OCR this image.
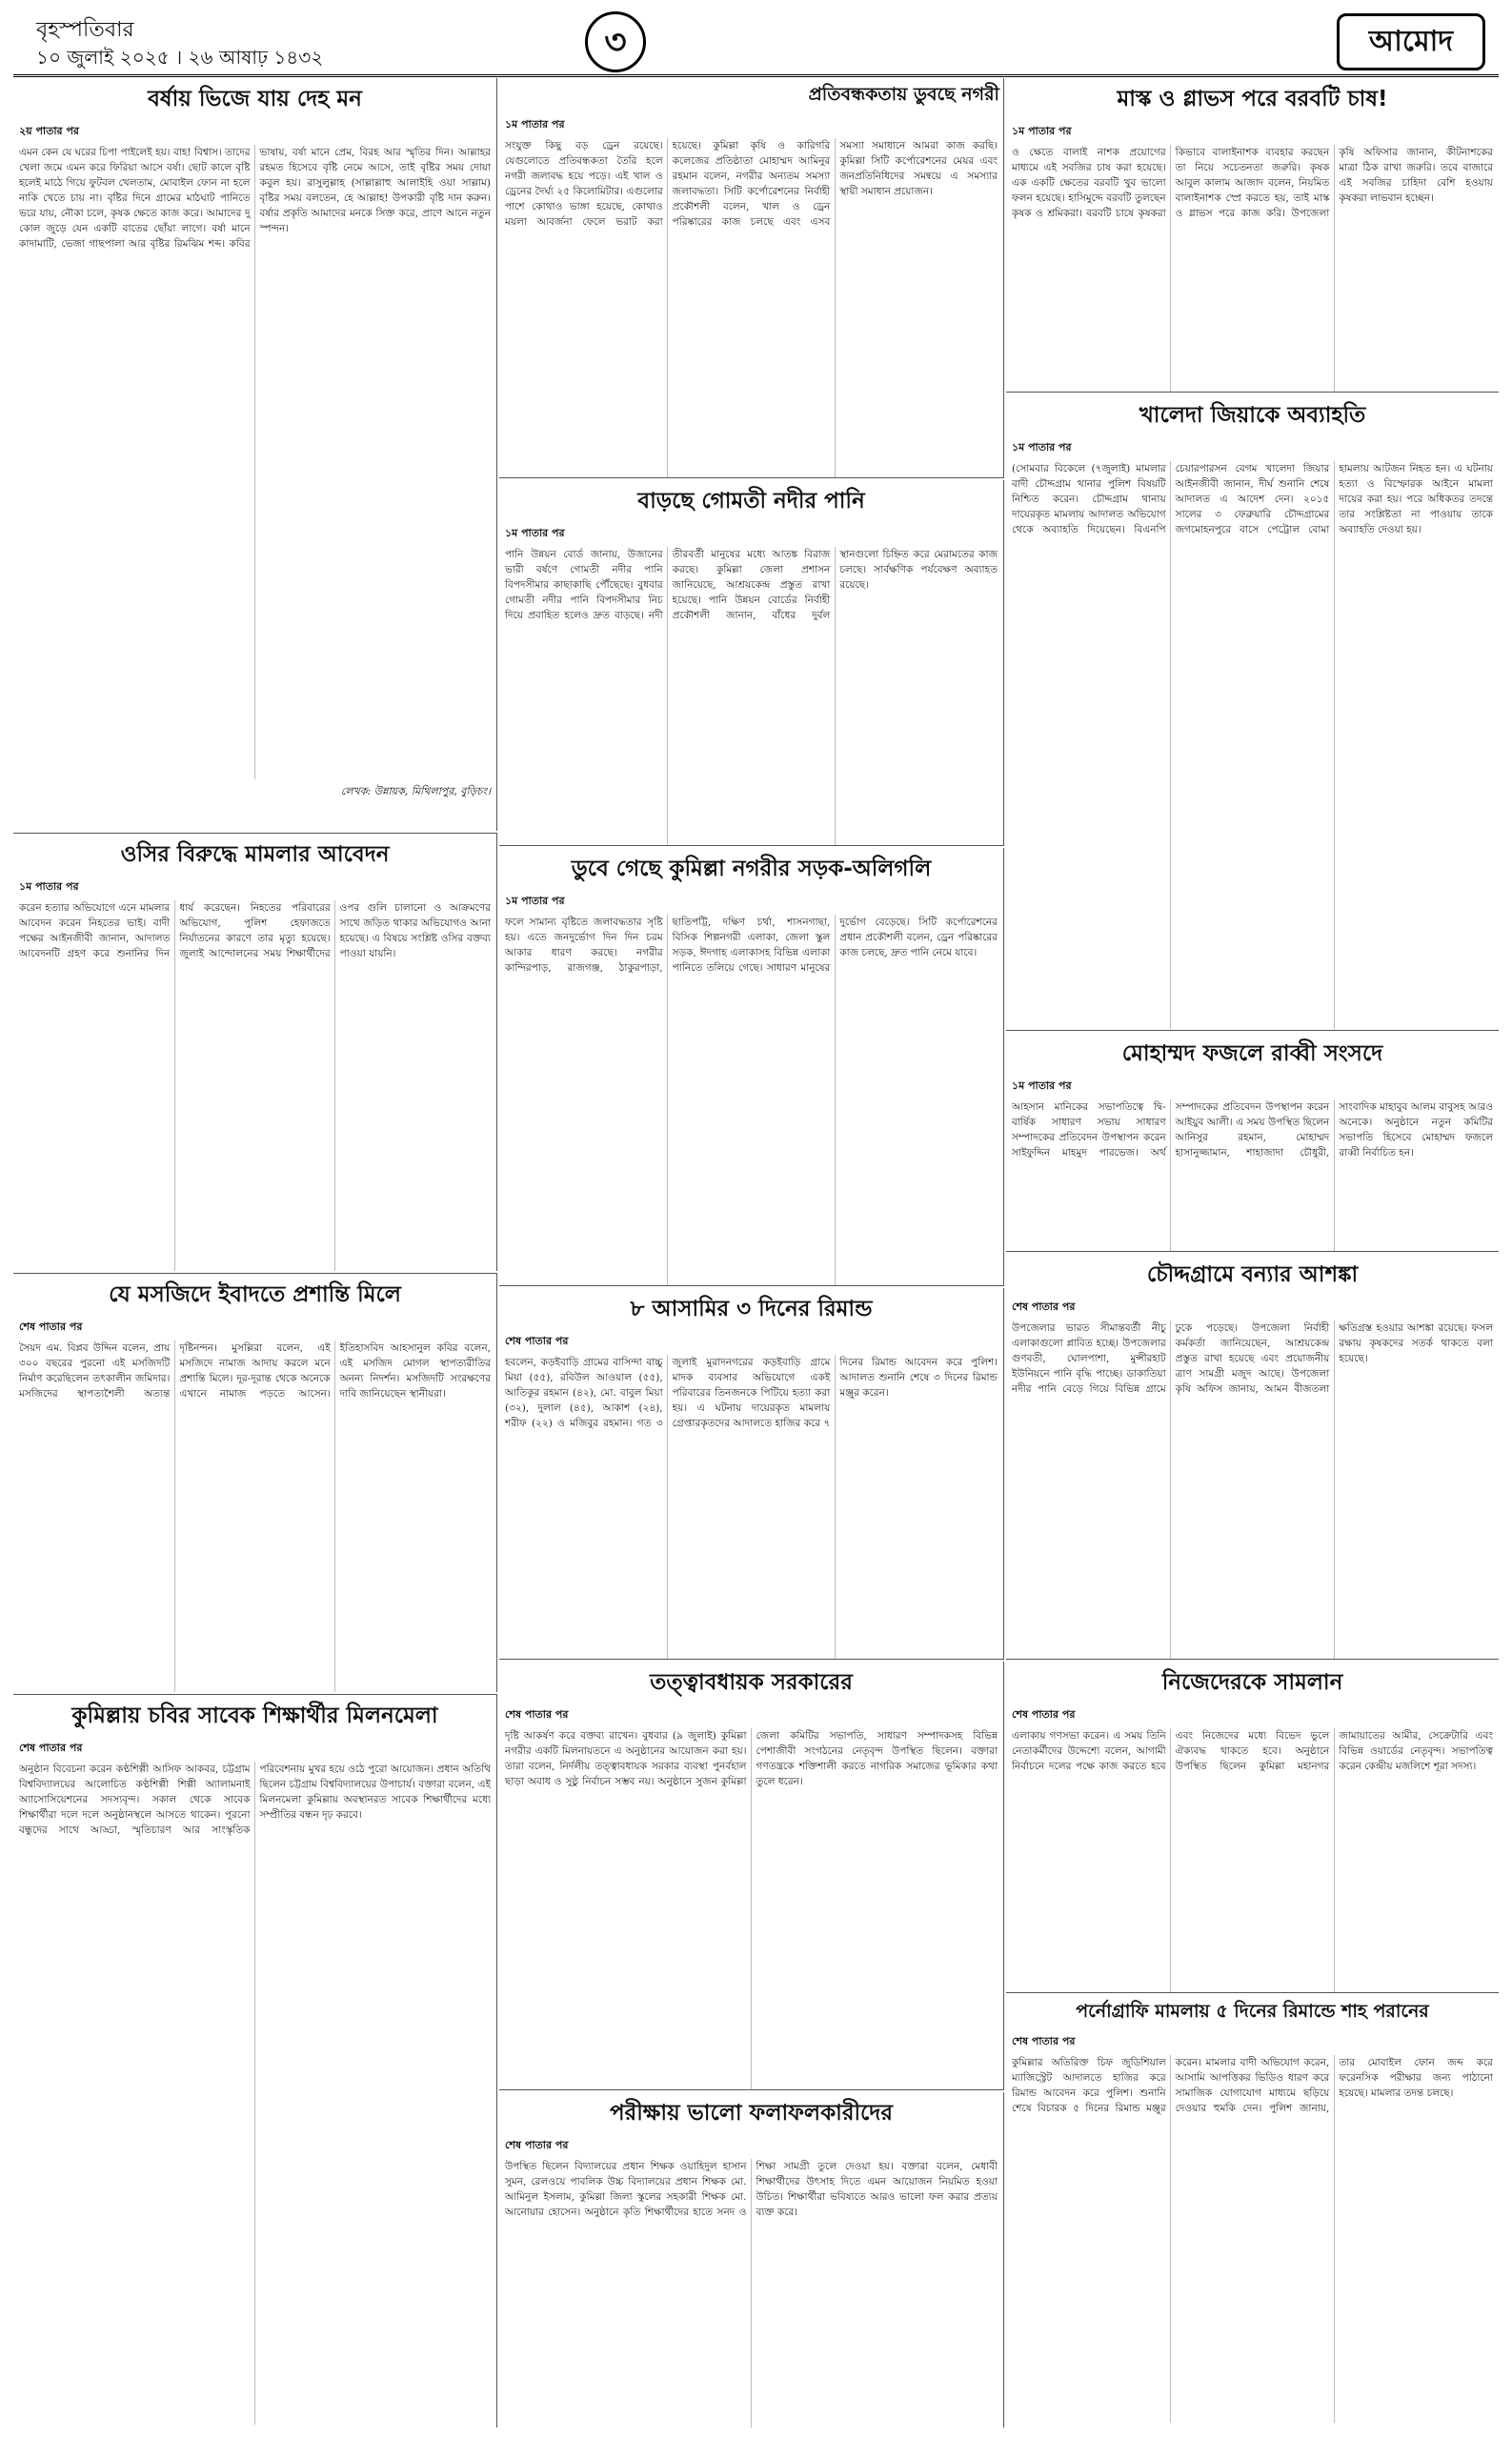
বৃহস্পতিবার
১০ জুলাই ২০২৫ । ২৬ আষাঢ় ১৪৩২	৩	আমোদ
বর্ষায় ভিজে যায় দেহ মন
২য় পাতার পর
এমন কেন যে ঘরের চিপা পাইলেই হয়। বাহ! বিশ্বাস। তাদের খেলা জমে এমন করে ফিরিয়া আসে বর্ষা। ছোট কালে বৃষ্টি হলেই মাঠে গিয়ে ফুটবল খেলতাম, মোবাইল ফোন না হলে নাকি খেতে চায় না। বৃষ্টির দিনে গ্রামের মাঠঘাট পানিতে ভরে যায়, নৌকা চলে, কৃষক ক্ষেতে কাজ করে। আমাদের দু কোল জুড়ে যেন একটি বাতের ছোঁয়া লাগে। বর্ষা মানে কাদামাটি, ভেজা গাছপালা আর বৃষ্টির রিমঝিম শব্দ। কবির ভাষায়, বর্ষা মানে প্রেম, বিরহ আর স্মৃতির দিন। আল্লাহর রহমত হিসেবে বৃষ্টি নেমে আসে, তাই বৃষ্টির সময় দোয়া কবুল হয়। রাসুলুল্লাহ (সাল্লাল্লাহু আলাইহি ওয়া সাল্লাম) বৃষ্টির সময় বলতেন, হে আল্লাহ! উপকারী বৃষ্টি দান করুন। বর্ষার প্রকৃতি আমাদের মনকে সিক্ত করে, প্রাণে আনে নতুন স্পন্দন।
লেখক: উন্নায়ক, মিথিলাপুর, বুড়িচং।
প্রতিবন্ধকতায় ডুবছে নগরী
১ম পাতার পর
সংযুক্ত কিছু বড় ড্রেন রয়েছে। যেগুলোতে প্রতিবন্ধকতা তৈরি হলে নগরী জলাবদ্ধ হয়ে পড়ে। এই খাল ও ড্রেনের দৈর্ঘ্য ২৫ কিলোমিটার। এগুলোর পাশে কোথাও ভাঙ্গা হয়েছে, কোথাও ময়লা আবর্জনা ফেলে ভরাট করা হয়েছে। কুমিল্লা কৃষি ও কারিগরি কলেজের প্রতিষ্ঠাতা মোহাম্মদ আমিনুর রহমান বলেন, নগরীর অন্যতম সমস্যা জলাবদ্ধতা। সিটি কর্পোরেশনের নির্বাহী প্রকৌশলী বলেন, খাল ও ড্রেন পরিষ্কারের কাজ চলছে এবং এসব সমস্যা সমাধানে আমরা কাজ করছি। কুমিল্লা সিটি কর্পোরেশনের মেয়র এবং জনপ্রতিনিধিদের সমন্বয়ে এ সমস্যার স্থায়ী সমাধান প্রয়োজন।
মাস্ক ও গ্লাভস পরে বরবটি চাষ!
১ম পাতার পর
ও ক্ষেতে বালাই নাশক প্রয়োগের মাধ্যমে এই সবজির চাষ করা হয়েছে। এক একটি ক্ষেতের বরবটি খুব ভালো ফলন হয়েছে। হাসিমুদ্দে বরবটি তুলছেন কৃষক ও শ্রমিকরা। বরবটি চাষে কৃষকরা কিভাবে বালাইনাশক ব্যবহার করছেন তা নিয়ে সচেতনতা জরুরি। কৃষক আবুল কালাম আজাদ বলেন, নিয়মিত বালাইনাশক স্প্রে করতে হয়, তাই মাস্ক ও গ্লাভস পরে কাজ করি। উপজেলা কৃষি অফিসার জানান, কীটনাশকের মাত্রা ঠিক রাখা জরুরি। তবে বাজারে এই সবজির চাহিদা বেশি হওয়ায় কৃষকরা লাভবান হচ্ছেন।
খালেদা জিয়াকে অব্যাহতি
১ম পাতার পর
(সোমবার বিকেলে (৭জুলাই) মামলার বাদী চৌদ্দগ্রাম থানার পুলিশ বিষয়টি নিশ্চিত করেন। চৌদ্দগ্রাম থানায় দায়েরকৃত মামলায় আদালত অভিযোগ থেকে অব্যাহতি দিয়েছেন। বিএনপি চেয়ারপারসন বেগম খালেদা জিয়ার আইনজীবী জানান, দীর্ঘ শুনানি শেষে আদালত এ আদেশ দেন। ২০১৫ সালের ৩ ফেব্রুয়ারি চৌদ্দগ্রামের জগমোহনপুরে বাসে পেট্রোল বোমা হামলায় আটজন নিহত হন। এ ঘটনায় হত্যা ও বিস্ফোরক আইনে মামলা দায়ের করা হয়। পরে অধিকতর তদন্তে তার সংশ্লিষ্টতা না পাওয়ায় তাকে অব্যাহতি দেওয়া হয়।
বাড়ছে গোমতী নদীর পানি
১ম পাতার পর
পানি উন্নয়ন বোর্ড জানায়, উজানের ভারী বর্ষণে গোমতী নদীর পানি বিপদসীমার কাছাকাছি পৌঁছেছে। বুধবার গোমতী নদীর পানি বিপদসীমার নিচ দিয়ে প্রবাহিত হলেও দ্রুত বাড়ছে। নদী তীরবর্তী মানুষের মধ্যে আতঙ্ক বিরাজ করছে। কুমিল্লা জেলা প্রশাসন জানিয়েছে, আশ্রয়কেন্দ্র প্রস্তুত রাখা হয়েছে। পানি উন্নয়ন বোর্ডের নির্বাহী প্রকৌশলী জানান, বাঁধের দুর্বল স্থানগুলো চিহ্নিত করে মেরামতের কাজ চলছে। সার্বক্ষণিক পর্যবেক্ষণ অব্যাহত রয়েছে।
ওসির বিরুদ্ধে মামলার আবেদন
১ম পাতার পর
করেন হত্যার অভিযোগে এনে মামলার আবেদন করেন নিহতের ভাই। বাদী পক্ষের আইনজীবী জানান, আদালত আবেদনটি গ্রহণ করে শুনানির দিন ধার্য করেছেন। নিহতের পরিবারের অভিযোগ, পুলিশ হেফাজতে নির্যাতনের কারণে তার মৃত্যু হয়েছে। জুলাই আন্দোলনের সময় শিক্ষার্থীদের ওপর গুলি চালানো ও আক্রমণের সাথে জড়িত থাকার অভিযোগও আনা হয়েছে। এ বিষয়ে সংশ্লিষ্ট ওসির বক্তব্য পাওয়া যায়নি।
ডুবে গেছে কুমিল্লা নগরীর সড়ক-অলিগলি
১ম পাতার পর
ফলে সামান্য বৃষ্টিতে জলাবদ্ধতার সৃষ্টি হয়। এতে জনদুর্ভোগ দিন দিন চরম আকার ধারণ করছে। নগরীর কান্দিরপাড়, রাজগঞ্জ, ঠাকুরপাড়া, ছাতিপট্টি, দক্ষিণ চর্থা, শাসনগাছা, বিসিক শিল্পনগরী এলাকা, জেলা স্কুল সড়ক, ঈদগাহ এলাকাসহ বিভিন্ন এলাকা পানিতে তলিয়ে গেছে। সাধারণ মানুষের দুর্ভোগ বেড়েছে। সিটি কর্পোরেশনের প্রধান প্রকৌশলী বলেন, ড্রেন পরিষ্কারের কাজ চলছে, দ্রুত পানি নেমে যাবে।
মোহাম্মদ ফজলে রাব্বী সংসদে
১ম পাতার পর
আহসান মানিকের সভাপতিত্বে দ্বি-বার্ষিক সাধারণ সভায় সাধারণ সম্পাদকের প্রতিবেদন উপস্থাপন করেন সাইফুদ্দিন মাহমুদ পারভেজ। অর্থ সম্পাদকের প্রতিবেদন উপস্থাপন করেন আইয়ুব আলী। এ সময় উপস্থিত ছিলেন আনিসুর রহমান, মোহাম্মদ হাসানুজ্জামান, শাহাজাদা চৌধুরী, সাংবাদিক মাহাবুব আলম বাবুসহ আরও অনেকে। অনুষ্ঠানে নতুন কমিটির সভাপতি হিসেবে মোহাম্মদ ফজলে রাব্বী নির্বাচিত হন।
চৌদ্দগ্রামে বন্যার আশঙ্কা
শেষ পাতার পর
উপজেলার ভারত সীমান্তবর্তী নীচু এলাকাগুলো প্লাবিত হচ্ছে। উপজেলার গুণবতী, ঘোলপাশা, মুন্সীরহাট ইউনিয়নে পানি বৃদ্ধি পাচ্ছে। ডাকাতিয়া নদীর পানি বেড়ে গিয়ে বিভিন্ন গ্রামে ঢুকে পড়েছে। উপজেলা নির্বাহী কর্মকর্তা জানিয়েছেন, আশ্রয়কেন্দ্র প্রস্তুত রাখা হয়েছে এবং প্রয়োজনীয় ত্রাণ সামগ্রী মজুদ আছে। উপজেলা কৃষি অফিস জানায়, আমন বীজতলা ক্ষতিগ্রস্ত হওয়ার আশঙ্কা রয়েছে। ফসল রক্ষায় কৃষকদের সতর্ক থাকতে বলা হয়েছে।
যে মসজিদে ইবাদতে প্রশান্তি মিলে
শেষ পাতার পর
সৈয়দ এম. বিপ্লব উদ্দিন বলেন, প্রায় ৩০০ বছরের পুরনো এই মসজিদটি নির্মাণ করেছিলেন তৎকালীন জমিদার। মসজিদের স্থাপত্যশৈলী অত্যন্ত দৃষ্টিনন্দন। মুসল্লিরা বলেন, এই মসজিদে নামাজ আদায় করলে মনে প্রশান্তি মিলে। দূর-দূরান্ত থেকে অনেকে এখানে নামাজ পড়তে আসেন। ইতিহাসবিদ আহসানুল কবির বলেন, এই মসজিদ মোগল স্থাপত্যরীতির অনন্য নিদর্শন। মসজিদটি সংরক্ষণের দাবি জানিয়েছেন স্থানীয়রা।
৮ আসামির ৩ দিনের রিমান্ড
শেষ পাতার পর
হবলেন, কড়ইবাড়ি গ্রামের বাসিন্দা বাচ্চু মিয়া (৫৫), রবিউল আওয়াল (৫৫), আতিকুর রহমান (৪২), মো. বাবুল মিয়া (৩২), দুলাল (৪৫), আকাশ (২৪), শরীফ (২২) ও মজিবুর রহমান। গত ৩ জুলাই মুরাদনগরের কড়ইবাড়ি গ্রামে মাদক ব্যবসার অভিযোগে একই পরিবারের তিনজনকে পিটিয়ে হত্যা করা হয়। এ ঘটনায় দায়েরকৃত মামলায় গ্রেপ্তারকৃতদের আদালতে হাজির করে ৭ দিনের রিমান্ড আবেদন করে পুলিশ। আদালত শুনানি শেষে ৩ দিনের রিমান্ড মঞ্জুর করেন।
নিজেদেরকে সামলান
শেষ পাতার পর
এলাকায় গণসভা করেন। এ সময় তিনি নেতাকর্মীদের উদ্দেশ্যে বলেন, আগামী নির্বাচনে দলের পক্ষে কাজ করতে হবে এবং নিজেদের মধ্যে বিভেদ ভুলে ঐক্যবদ্ধ থাকতে হবে। অনুষ্ঠানে উপস্থিত ছিলেন কুমিল্লা মহানগর জামায়াতের আমীর, সেক্রেটারি এবং বিভিন্ন ওয়ার্ডের নেতৃবৃন্দ। সভাপতিত্ব করেন কেন্দ্রীয় মজলিশে শূরা সদস্য।
তত্ত্বাবধায়ক সরকারের
শেষ পাতার পর
দৃষ্টি আকর্ষণ করে বক্তব্য রাখেন। বুধবার (৯ জুলাই) কুমিল্লা নগরীর একটি মিলনায়তনে এ অনুষ্ঠানের আয়োজন করা হয়। তারা বলেন, নির্দলীয় তত্ত্বাবধায়ক সরকার ব্যবস্থা পুনর্বহাল ছাড়া অবাধ ও সুষ্ঠু নির্বাচন সম্ভব নয়। অনুষ্ঠানে সুজন কুমিল্লা জেলা কমিটির সভাপতি, সাধারণ সম্পাদকসহ বিভিন্ন পেশাজীবী সংগঠনের নেতৃবৃন্দ উপস্থিত ছিলেন। বক্তারা গণতন্ত্রকে শক্তিশালী করতে নাগরিক সমাজের ভূমিকার কথা তুলে ধরেন।
কুমিল্লায় চবির সাবেক শিক্ষার্থীর মিলনমেলা
শেষ পাতার পর
অনুষ্ঠান বিবেচনা করেন কণ্ঠশিল্পী আসিফ আকবর, চট্টগ্রাম বিশ্ববিদ্যালয়ের আলোচিত কণ্ঠশিল্পী শিল্পী অ্যালামনাই অ্যাসোসিয়েশনের সদস্যবৃন্দ। সকাল থেকে সাবেক শিক্ষার্থীরা দলে দলে অনুষ্ঠানস্থলে আসতে থাকেন। পুরনো বন্ধুদের সাথে আড্ডা, স্মৃতিচারণ আর সাংস্কৃতিক পরিবেশনায় মুখর হয়ে ওঠে পুরো আয়োজন। প্রধান অতিথি ছিলেন চট্টগ্রাম বিশ্ববিদ্যালয়ের উপাচার্য। বক্তারা বলেন, এই মিলনমেলা কুমিল্লায় অবস্থানরত সাবেক শিক্ষার্থীদের মধ্যে সম্প্রীতির বন্ধন দৃঢ় করবে।
পরীক্ষায় ভালো ফলাফলকারীদের
শেষ পাতার পর
উপস্থিত ছিলেন বিদ্যালয়ের প্রধান শিক্ষক ওয়াহিদুল হাসান সুমন, রেলওয়ে পাবলিক উচ্চ বিদ্যালয়ের প্রধান শিক্ষক মো. আমিনুল ইসলাম, কুমিল্লা জিলা স্কুলের সহকারী শিক্ষক মো. আনোয়ার হোসেন। অনুষ্ঠানে কৃতি শিক্ষার্থীদের হাতে সনদ ও শিক্ষা সামগ্রী তুলে দেওয়া হয়। বক্তারা বলেন, মেধাবী শিক্ষার্থীদের উৎসাহ দিতে এমন আয়োজন নিয়মিত হওয়া উচিত। শিক্ষার্থীরা ভবিষ্যতে আরও ভালো ফল করার প্রত্যয় ব্যক্ত করে।
পর্নোগ্রাফি মামলায় ৫ দিনের রিমান্ডে শাহ পরানের
শেষ পাতার পর
কুমিল্লার অতিরিক্ত চিফ জুডিশিয়াল ম্যাজিস্ট্রেট আদালতে হাজির করে রিমান্ড আবেদন করে পুলিশ। শুনানি শেষে বিচারক ৫ দিনের রিমান্ড মঞ্জুর করেন। মামলার বাদী অভিযোগ করেন, আসামি আপত্তিকর ভিডিও ধারণ করে সামাজিক যোগাযোগ মাধ্যমে ছড়িয়ে দেওয়ার হুমকি দেন। পুলিশ জানায়, তার মোবাইল ফোন জব্দ করে ফরেনসিক পরীক্ষার জন্য পাঠানো হয়েছে। মামলার তদন্ত চলছে।
